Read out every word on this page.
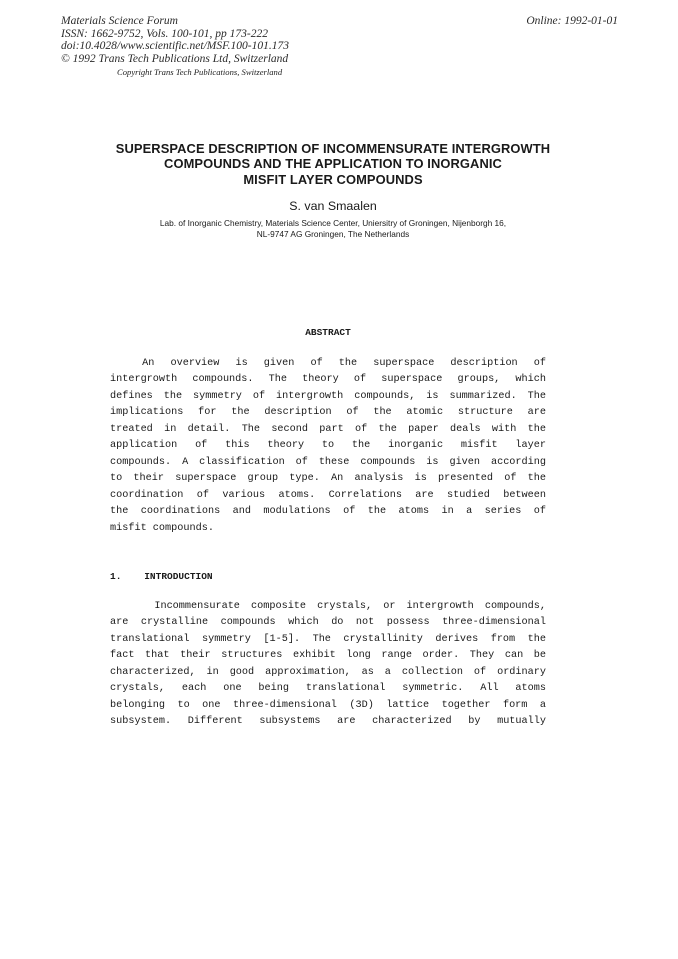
Materials Science Forum
ISSN: 1662-9752, Vols. 100-101, pp 173-222
doi:10.4028/www.scientific.net/MSF.100-101.173
© 1992 Trans Tech Publications Ltd, Switzerland
Online: 1992-01-01
Copyright Trans Tech Publications, Switzerland
SUPERSPACE DESCRIPTION OF INCOMMENSURATE INTERGROWTH
COMPOUNDS AND THE APPLICATION TO INORGANIC
MISFIT LAYER COMPOUNDS
S. van Smaalen
Lab. of Inorganic Chemistry, Materials Science Center, Uniersitry of Groningen, Nijenborgh 16,
NL-9747 AG Groningen, The Netherlands
ABSTRACT
An  overview  is  given  of  the  superspace  description  of
intergrowth compounds. The theory of superspace groups, which
defines the symmetry of intergrowth compounds, is summarized. The
implications for the description of the atomic structure are
treated in detail. The second part of the paper deals with the
application of this theory to the inorganic misfit layer
compounds. A classification of these compounds is given according
to their superspace group type. An analysis is presented of the
coordination of various atoms. Correlations are studied between
the coordinations and modulations of the atoms in a series of
misfit compounds.
1. INTRODUCTION
Incommensurate composite crystals, or intergrowth compounds,
are crystalline compounds which do not possess three-dimensional
translational symmetry [1-5]. The crystallinity derives from the
fact that their structures exhibit long range order. They can be
characterized, in good approximation, as a collection of ordinary
crystals, each one being translational symmetric. All atoms
belonging to one three-dimensional (3D) lattice together form a
subsystem. Different subsystems are characterized by mutually
